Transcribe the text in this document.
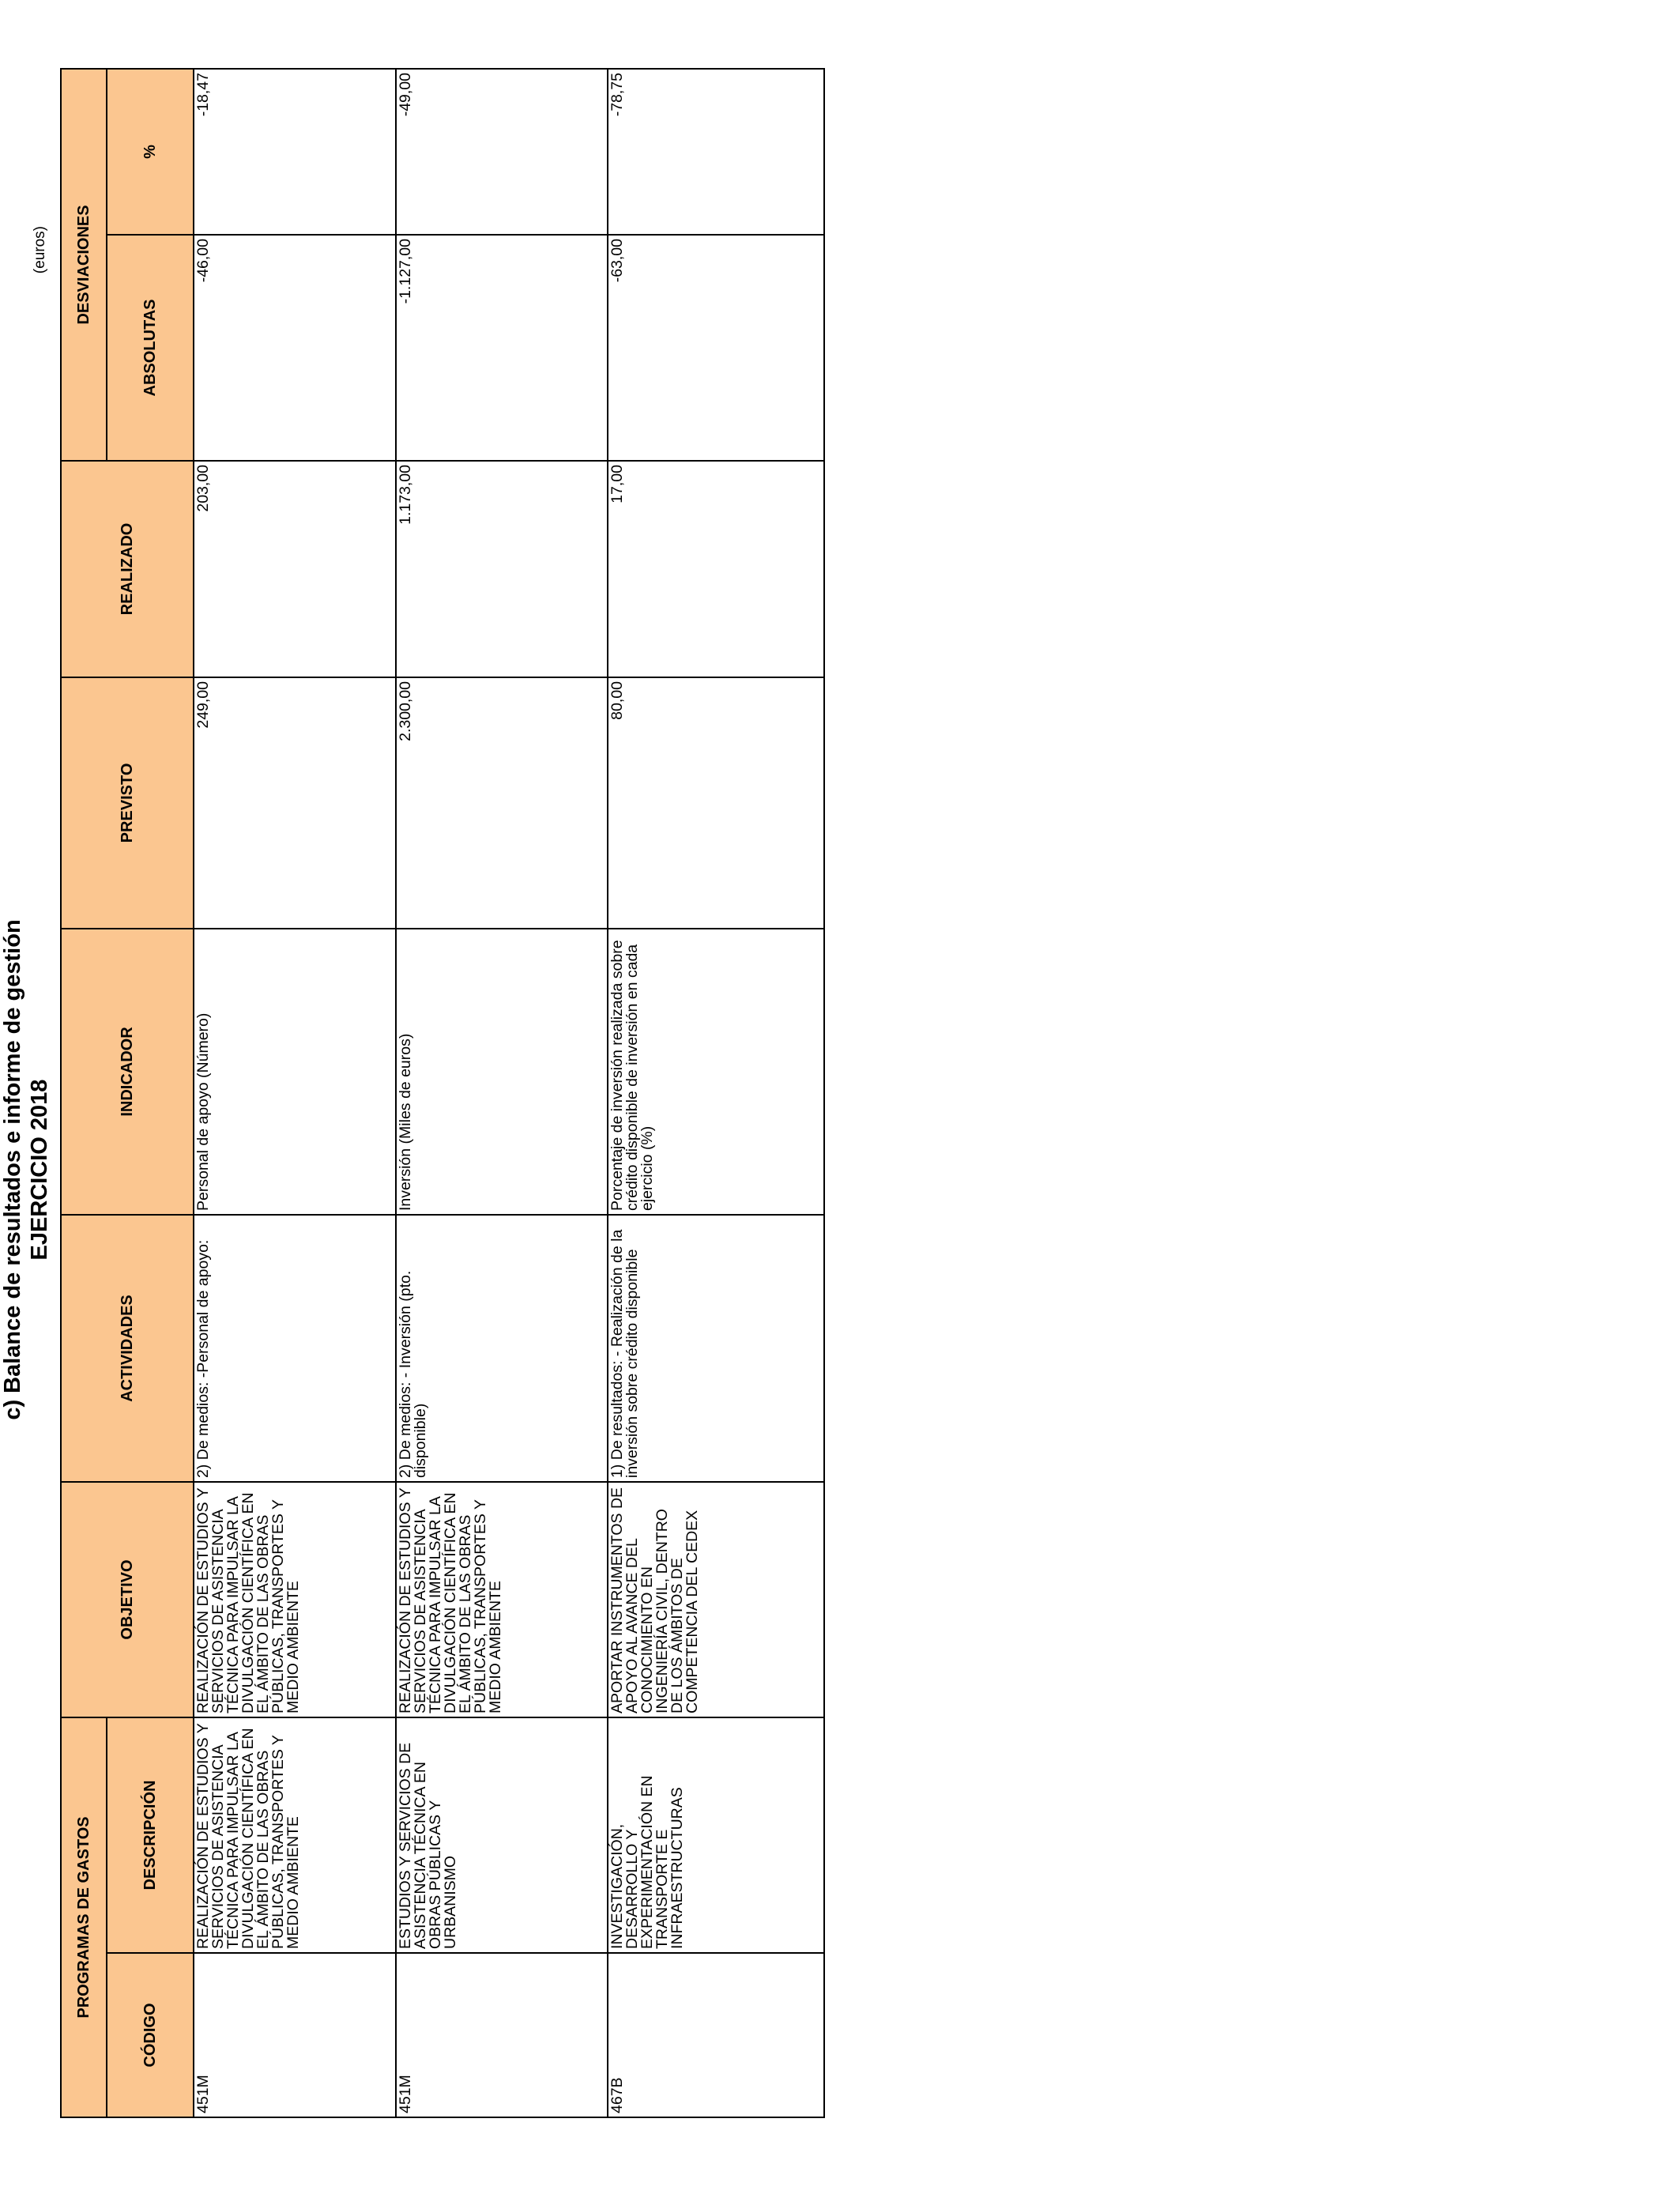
c) Balance de resultados e informe de gestión EJERCICIO 2018
(euros)
PROGRAMAS DE GASTOS		OBJETIVO	ACTIVIDADES	INDICADOR	PREVISTO	REALIZADO	DESVIACIONES	
CÓDIGO	DESCRIPCIÓN						ABSOLUTAS	%
451M	REALIZACIÓN DE ESTUDIOS Y SERVICIOS DE ASISTENCIA TÉCNICA PARA IMPULSAR LA DIVULGACIÓN CIENTÍFICA EN EL ÁMBITO DE LAS OBRAS PÚBLICAS, TRANSPORTES Y MEDIO AMBIENTE	REALIZACIÓN DE ESTUDIOS Y SERVICIOS DE ASISTENCIA TÉCNICA PARA IMPULSAR LA DIVULGACIÓN CIENTÍFICA EN EL ÁMBITO DE LAS OBRAS PÚBLICAS, TRANSPORTES Y MEDIO AMBIENTE	2) De medios: -Personal de apoyo:	Personal de apoyo (Número)	249,00	203,00	-46,00	-18,47
451M	ESTUDIOS Y SERVICIOS DE ASISTENCIA TÉCNICA EN OBRAS PÚBLICAS Y URBANISMO	REALIZACIÓN DE ESTUDIOS Y SERVICIOS DE ASISTENCIA TÉCNICA PARA IMPULSAR LA DIVULGACIÓN CIENTÍFICA EN EL ÁMBITO DE LAS OBRAS PÚBLICAS, TRANSPORTES Y MEDIO AMBIENTE	2) De medios: - Inversión (pto. disponible)	Inversión (Miles de euros)	2.300,00	1.173,00	-1.127,00	-49,00
467B	INVESTIGACIÓN, DESARROLLO Y EXPERIMENTACIÓN EN TRANSPORTE E INFRAESTRUCTURAS	APORTAR INSTRUMENTOS DE APOYO AL AVANCE DEL CONOCIMIENTO EN INGENIERÍA CIVIL, DENTRO DE LOS ÁMBITOS DE COMPETENCIA DEL CEDEX	1) De resultados: - Realización de la inversión sobre crédito disponible	Porcentaje de inversión realizada sobre crédito disponible de inversión en cada ejercicio (%)	80,00	17,00	-63,00	-78,75
